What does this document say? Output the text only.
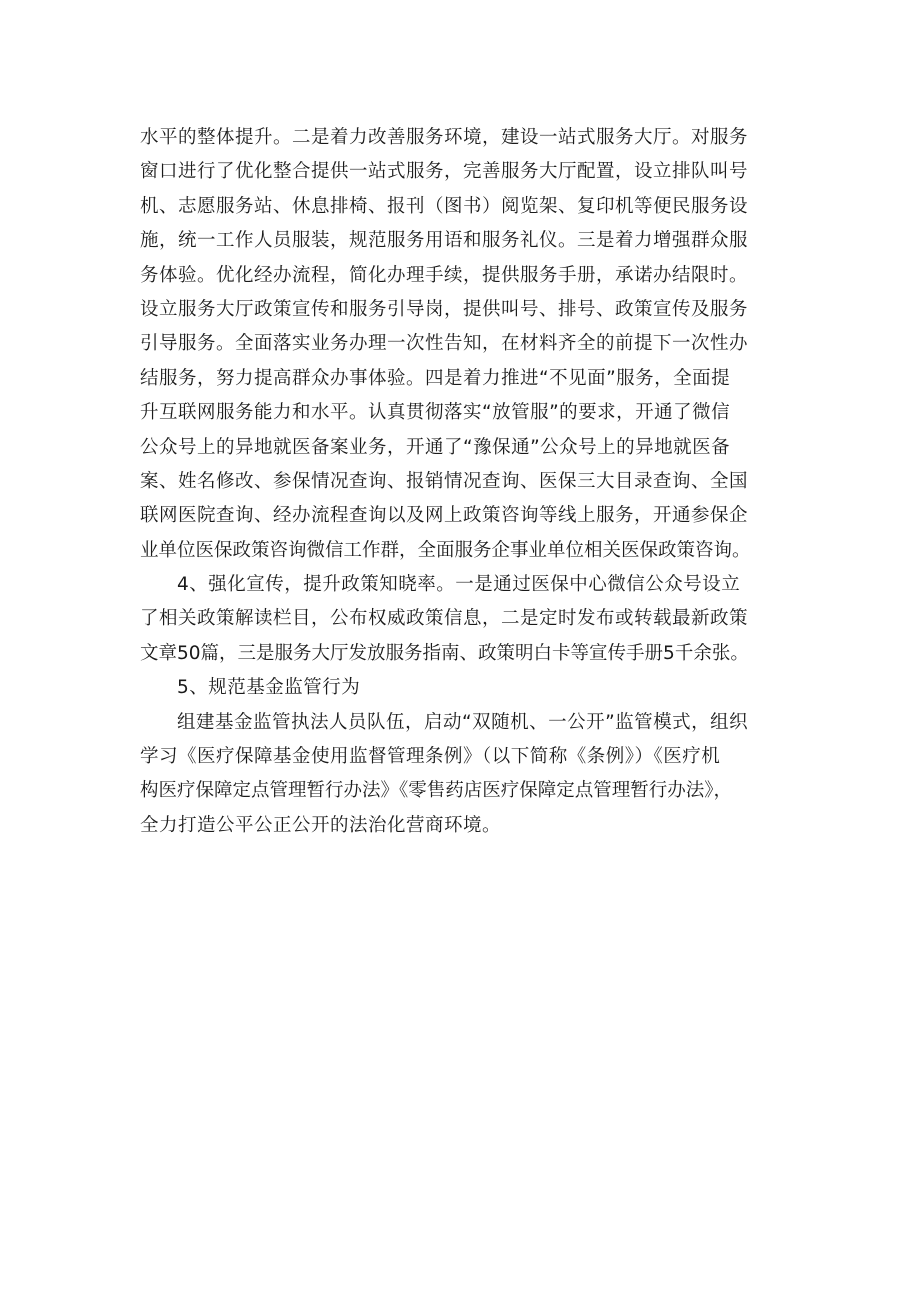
水平的整体提升。二是着力改善服务环境，建设一站式服务大厅。对服务
窗口进行了优化整合提供一站式服务，完善服务大厅配置，设立排队叫号
机、志愿服务站、休息排椅、报刊（图书）阅览架、复印机等便民服务设
施，统一工作人员服装，规范服务用语和服务礼仪。三是着力增强群众服
务体验。优化经办流程，简化办理手续，提供服务手册，承诺办结限时。
设立服务大厅政策宣传和服务引导岗，提供叫号、排号、政策宣传及服务
引导服务。全面落实业务办理一次性告知，在材料齐全的前提下一次性办
结服务，努力提高群众办事体验。四是着力推进“不见面”服务，全面提
升互联网服务能力和水平。认真贯彻落实“放管服”的要求，开通了微信
公众号上的异地就医备案业务，开通了“豫保通”公众号上的异地就医备
案、姓名修改、参保情况查询、报销情况查询、医保三大目录查询、全国
联网医院查询、经办流程查询以及网上政策咨询等线上服务，开通参保企
业单位医保政策咨询微信工作群，全面服务企事业单位相关医保政策咨询。
4、强化宣传，提升政策知晓率。一是通过医保中心微信公众号设立
了相关政策解读栏目，公布权威政策信息，二是定时发布或转载最新政策
文章50篇，三是服务大厅发放服务指南、政策明白卡等宣传手册5千余张。
5、规范基金监管行为
组建基金监管执法人员队伍，启动“双随机、一公开”监管模式，组织
学习《医疗保障基金使用监督管理条例》（以下简称《条例》）《医疗机
构医疗保障定点管理暂行办法》《零售药店医疗保障定点管理暂行办法》，
全力打造公平公正公开的法治化营商环境。
